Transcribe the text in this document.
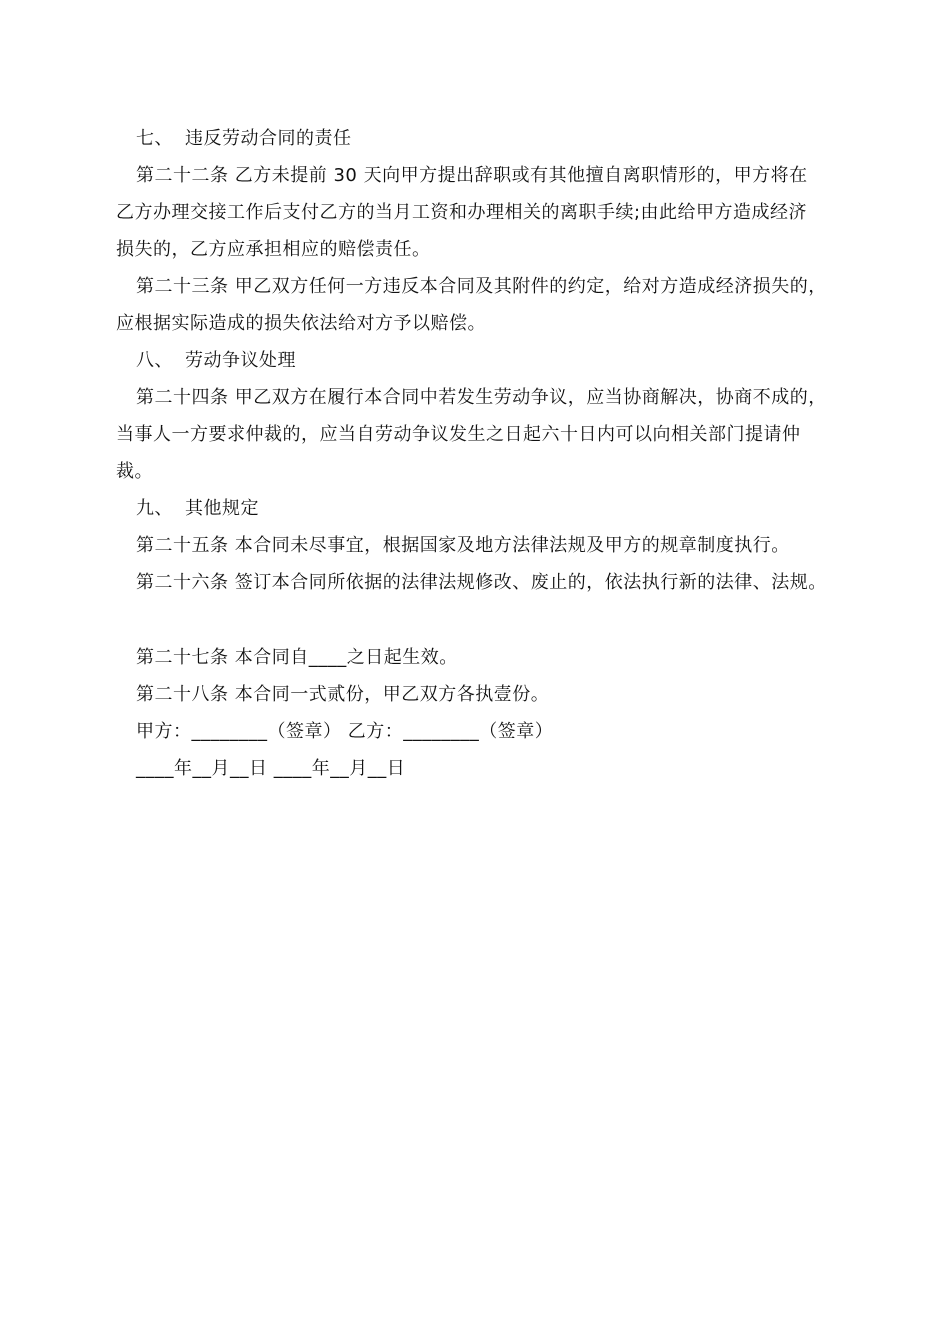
七、 违反劳动合同的责任
第二十二条 乙方未提前 30 天向甲方提出辞职或有其他擅自离职情形的，甲方将在
乙方办理交接工作后支付乙方的当月工资和办理相关的离职手续;由此给甲方造成经济
损失的，乙方应承担相应的赔偿责任。
第二十三条 甲乙双方任何一方违反本合同及其附件的约定，给对方造成经济损失的，
应根据实际造成的损失依法给对方予以赔偿。
八、 劳动争议处理
第二十四条 甲乙双方在履行本合同中若发生劳动争议，应当协商解决，协商不成的，
当事人一方要求仲裁的，应当自劳动争议发生之日起六十日内可以向相关部门提请仲
裁。
九、 其他规定
第二十五条 本合同未尽事宜，根据国家及地方法律法规及甲方的规章制度执行。
第二十六条 签订本合同所依据的法律法规修改、废止的，依法执行新的法律、法规。
第二十七条 本合同自____之日起生效。
第二十八条 本合同一式贰份，甲乙双方各执壹份。
甲方：________（签章） 乙方：________（签章）
____年__月__日 ____年__月__日
